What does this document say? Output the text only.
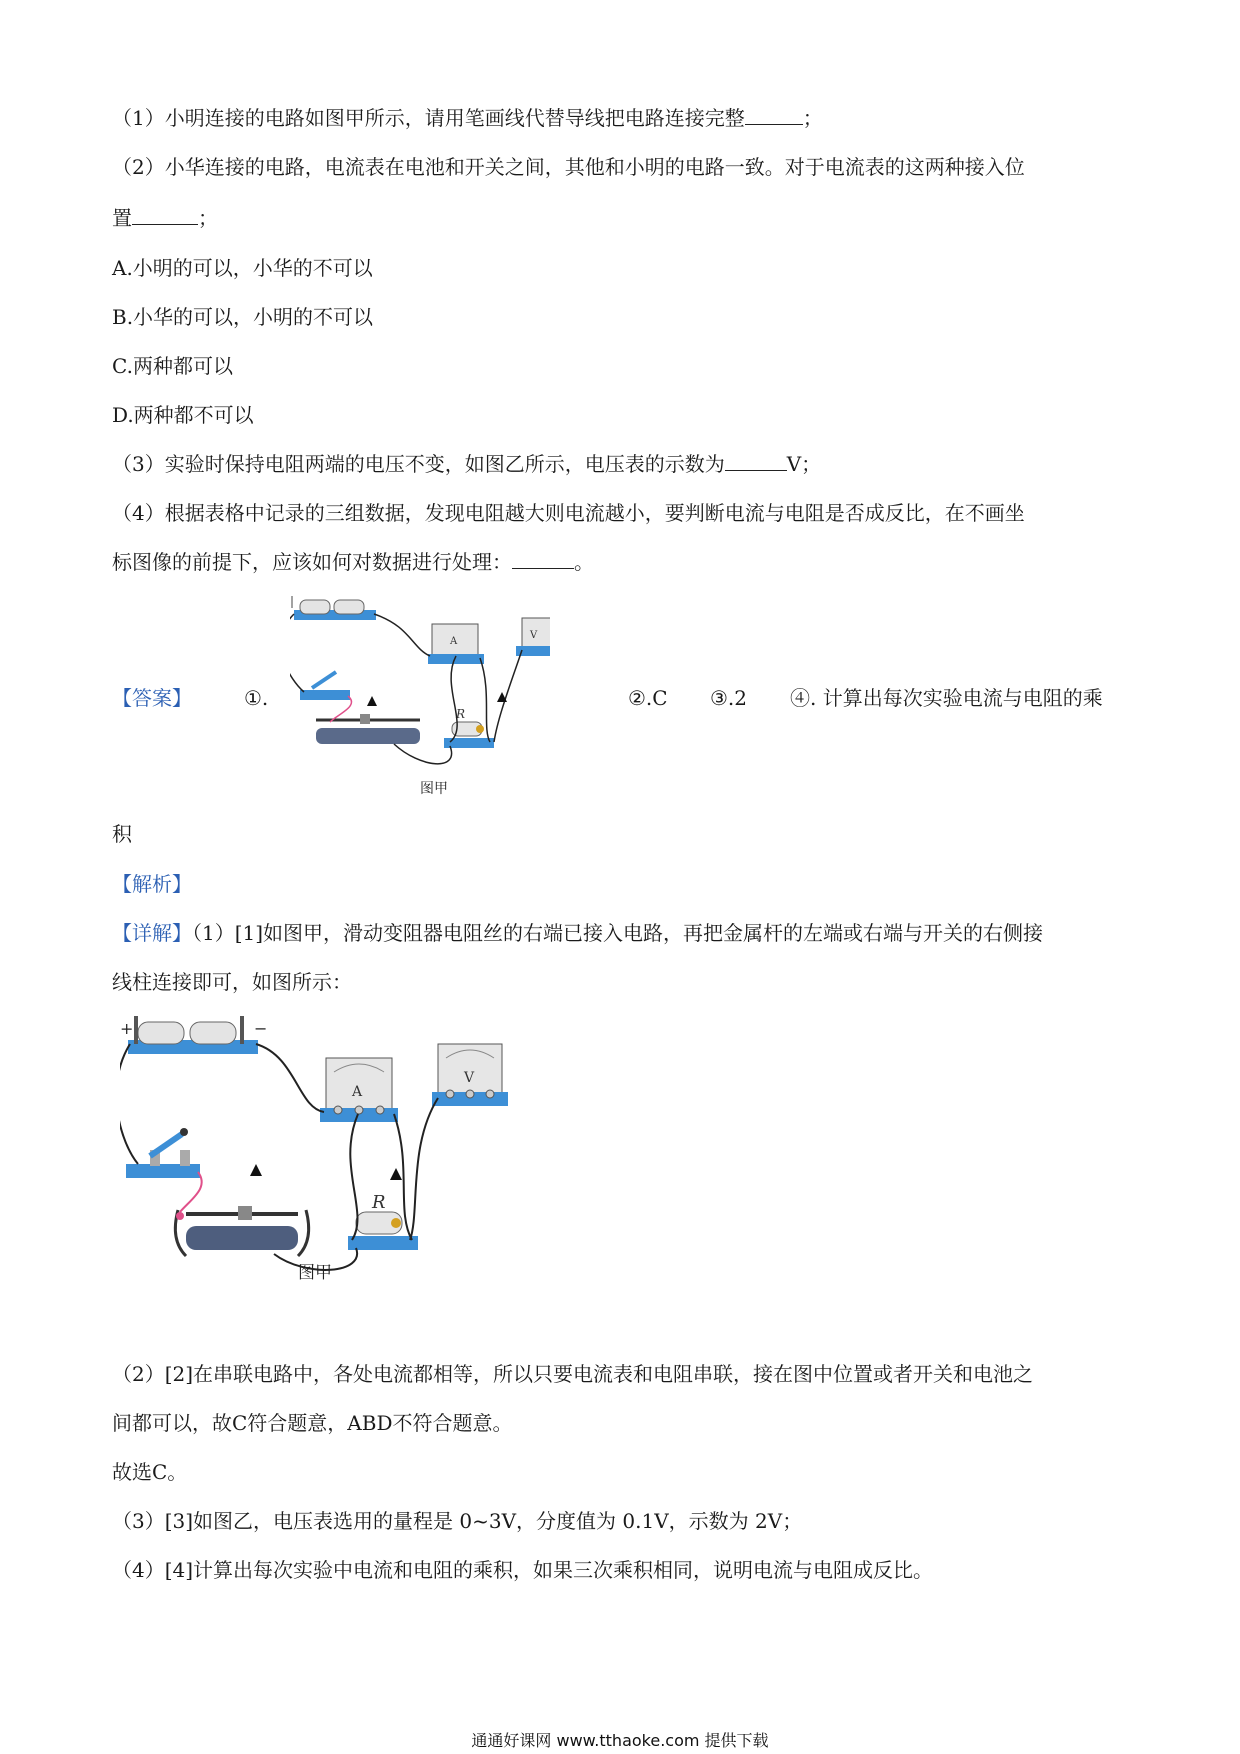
（1）小明连接的电路如图甲所示，请用笔画线代替导线把电路连接完整	；
（2）小华连接的电路，电流表在电池和开关之间，其他和小明的电路一致。对于电流表的这两种接入位
置	；
A.小明的可以，小华的不可以
B.小华的可以，小明的不可以
C.两种都可以
D.两种都不可以
（3）实验时保持电阻两端的电压不变，如图乙所示，电压表的示数为	V；
（4）根据表格中记录的三组数据，发现电阻越大则电流越小，要判断电流与电阻是否成反比，在不画坐
标图像的前提下，应该如何对数据进行处理：	。
【答案】	①.	②.C ③.2 ④. 计算出每次实验电流与电阻的乘
A
V
R
图甲
积
【解析】
【详解】（1）[1]如图甲，滑动变阻器电阻丝的右端已接入电路，再把金属杆的左端或右端与开关的右侧接
线柱连接即可，如图所示：
+	−
A
V
R
图甲
（2）[2]在串联电路中，各处电流都相等，所以只要电流表和电阻串联，接在图中位置或者开关和电池之
间都可以，故C符合题意，ABD不符合题意。
故选C。
（3）[3]如图乙，电压表选用的量程是 0~3V，分度值为 0.1V，示数为 2V；
（4）[4]计算出每次实验中电流和电阻的乘积，如果三次乘积相同，说明电流与电阻成反比。
通通好课网 www.tthaoke.com 提供下载
